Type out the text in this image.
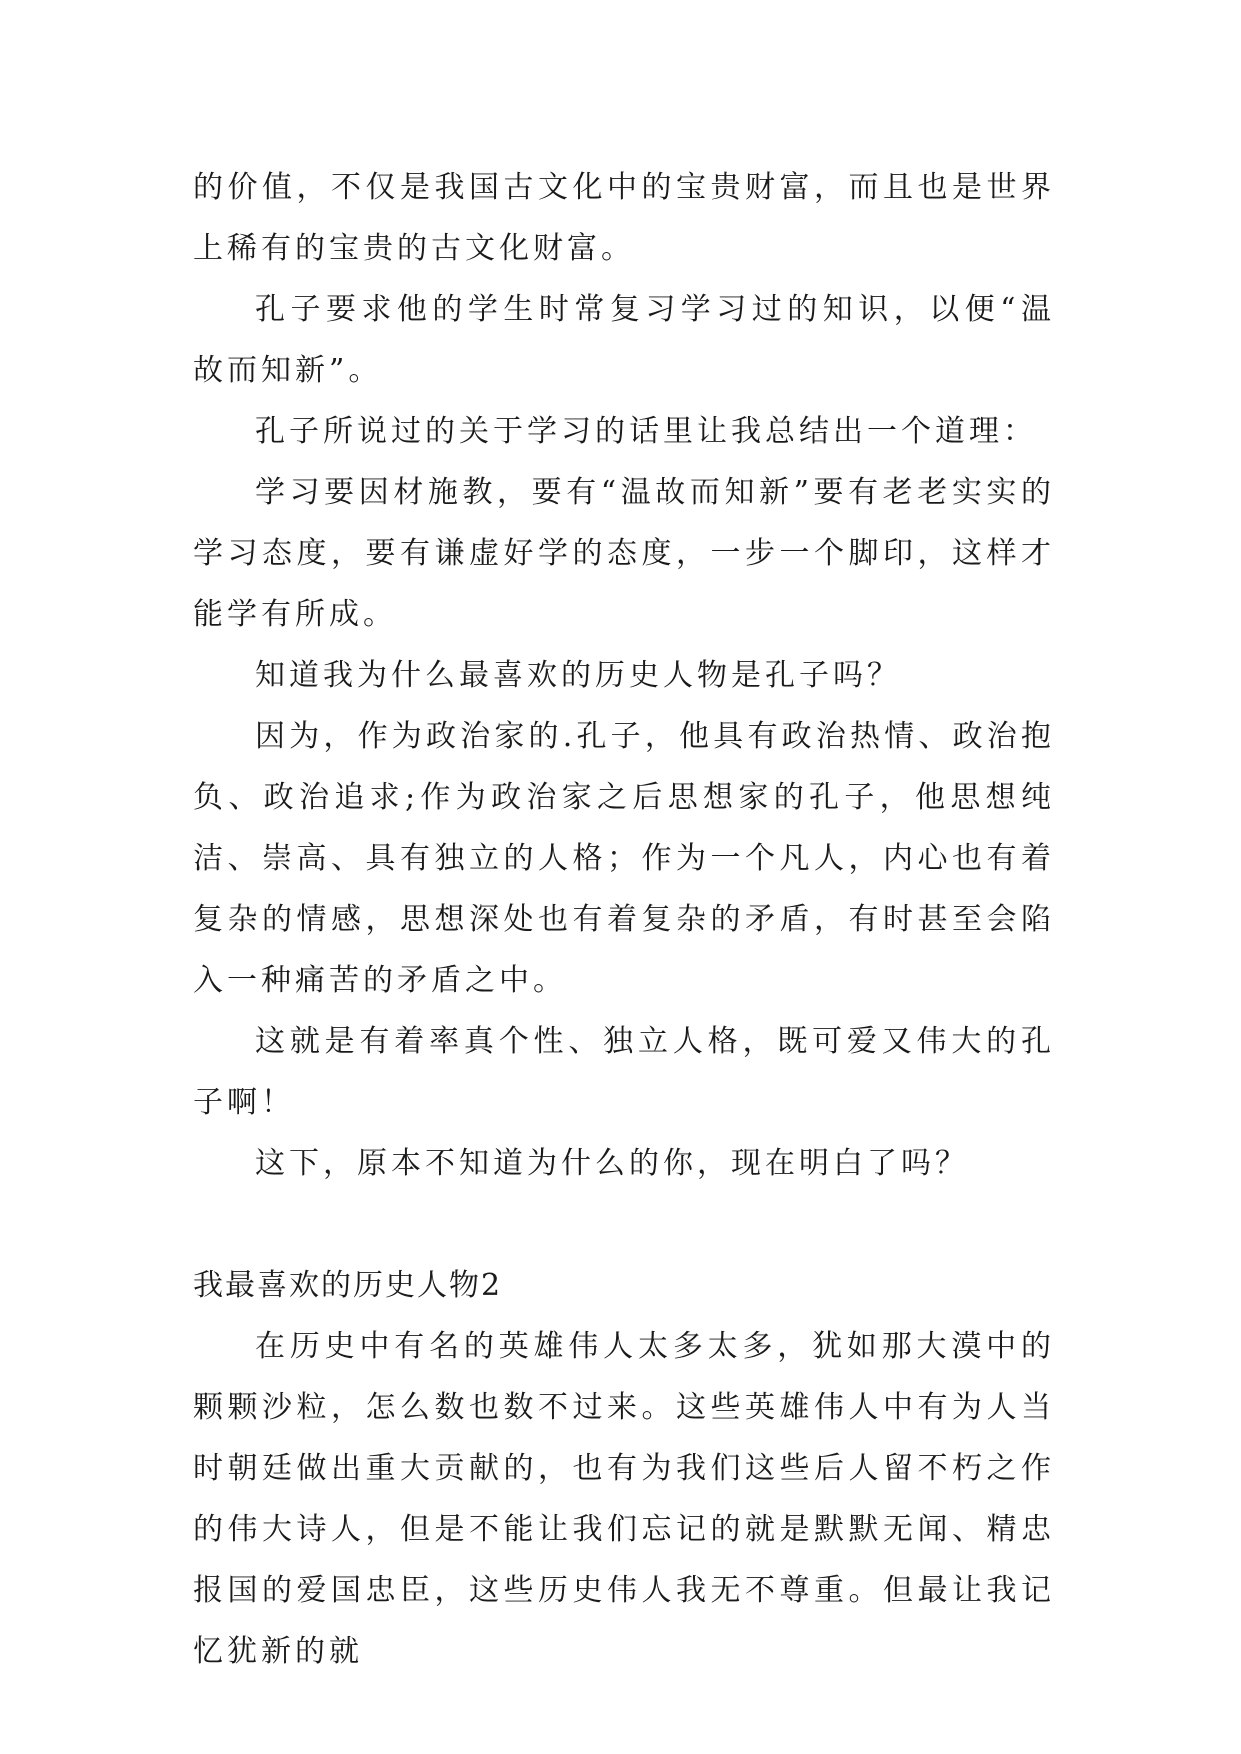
的价值，不仅是我国古文化中的宝贵财富，而且也是世界上稀有的宝贵的古文化财富。

孔子要求他的学生时常复习学习过的知识，以便“温故而知新”。

孔子所说过的关于学习的话里让我总结出一个道理：

学习要因材施教，要有“温故而知新”要有老老实实的学习态度，要有谦虚好学的态度，一步一个脚印，这样才能学有所成。

知道我为什么最喜欢的历史人物是孔子吗？

因为，作为政治家的.孔子，他具有政治热情、政治抱负、政治追求;作为政治家之后思想家的孔子，他思想纯洁、崇高、具有独立的人格；作为一个凡人，内心也有着复杂的情感，思想深处也有着复杂的矛盾，有时甚至会陷入一种痛苦的矛盾之中。

这就是有着率真个性、独立人格，既可爱又伟大的孔子啊！

这下，原本不知道为什么的你，现在明白了吗？

我最喜欢的历史人物2

在历史中有名的英雄伟人太多太多，犹如那大漠中的颗颗沙粒，怎么数也数不过来。这些英雄伟人中有为人当时朝廷做出重大贡献的，也有为我们这些后人留不朽之作的伟大诗人，但是不能让我们忘记的就是默默无闻、精忠报国的爱国忠臣，这些历史伟人我无不尊重。但最让我记忆犹新的就
